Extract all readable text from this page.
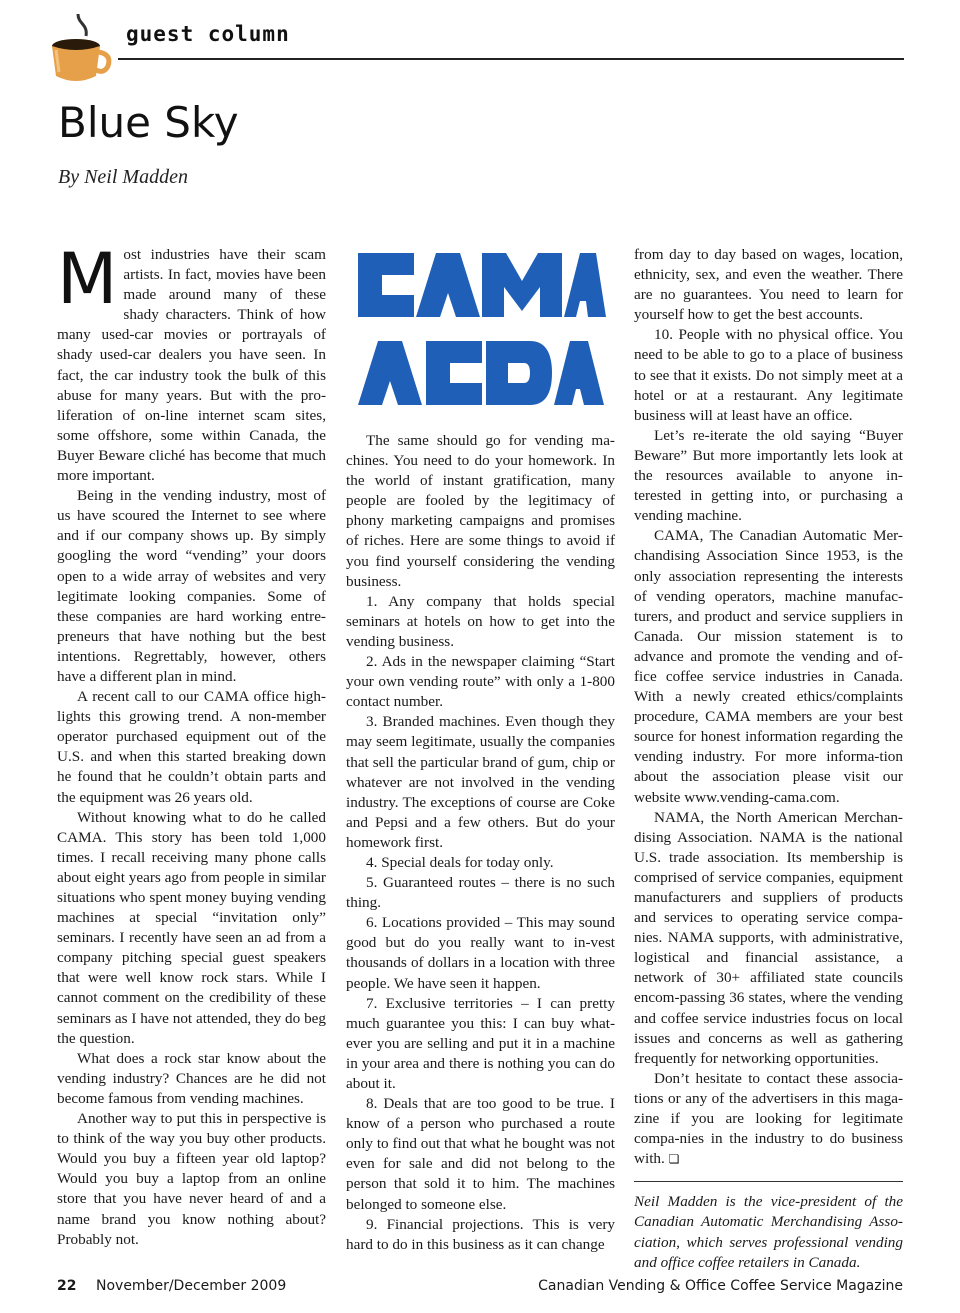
guest column
Blue Sky
By Neil Madden

Most industries have their scam artists. In fact, movies have been made around many of these shady characters. Think of how many used-car movies or portrayals of shady used-car dealers you have seen. In fact, the car industry took the bulk of this abuse for many years. But with the pro-liferation of on-line internet scam sites, some offshore, some within Canada, the Buyer Beware cliché has become that much more important.

Being in the vending industry, most of us have scoured the Internet to see where and if our company shows up. By simply googling the word “vending” your doors open to a wide array of websites and very legitimate looking companies. Some of these companies are hard working entre-preneurs that have nothing but the best intentions. Regrettably, however, others have a different plan in mind.

A recent call to our CAMA office high-lights this growing trend. A non-member operator purchased equipment out of the U.S. and when this started breaking down he found that he couldn’t obtain parts and the equipment was 26 years old.

Without knowing what to do he called CAMA. This story has been told 1,000 times. I recall receiving many phone calls about eight years ago from people in similar situations who spent money buying vending machines at special “invitation only” seminars. I recently have seen an ad from a company pitching special guest speakers that were well know rock stars. While I cannot comment on the credibility of these seminars as I have not attended, they do beg the question.

What does a rock star know about the vending industry? Chances are he did not become famous from vending machines.

Another way to put this in perspective is to think of the way you buy other products. Would you buy a fifteen year old laptop? Would you buy a laptop from an online store that you have never heard of and a name brand you know nothing about? Probably not.

The same should go for vending ma-chines. You need to do your homework. In the world of instant gratification, many people are fooled by the legitimacy of phony marketing campaigns and promises of riches. Here are some things to avoid if you find yourself considering the vending business.

1. Any company that holds special seminars at hotels on how to get into the vending business.

2. Ads in the newspaper claiming “Start your own vending route” with only a 1-800 contact number.

3. Branded machines. Even though they may seem legitimate, usually the companies that sell the particular brand of gum, chip or whatever are not involved in the vending industry. The exceptions of course are Coke and Pepsi and a few others. But do your homework first.

4. Special deals for today only.

5. Guaranteed routes – there is no such thing.

6. Locations provided – This may sound good but do you really want to in-vest thousands of dollars in a location with three people. We have seen it happen.

7. Exclusive territories – I can pretty much guarantee you this: I can buy what-ever you are selling and put it in a machine in your area and there is nothing you can do about it.

8. Deals that are too good to be true. I know of a person who purchased a route only to find out that what he bought was not even for sale and did not belong to the person that sold it to him. The machines belonged to someone else.

9. Financial projections. This is very hard to do in this business as it can change

from day to day based on wages, location, ethnicity, sex, and even the weather. There are no guarantees. You need to learn for yourself how to get the best accounts.

10. People with no physical office. You need to be able to go to a place of business to see that it exists. Do not simply meet at a hotel or at a restaurant. Any legitimate business will at least have an office.

Let’s re-iterate the old saying “Buyer Beware” But more importantly lets look at the resources available to anyone in-terested in getting into, or purchasing a vending machine.

CAMA, The Canadian Automatic Mer-chandising Association Since 1953, is the only association representing the interests of vending operators, machine manufac-turers, and product and service suppliers in Canada. Our mission statement is to advance and promote the vending and of-fice coffee service industries in Canada. With a newly created ethics/complaints procedure, CAMA members are your best source for honest information regarding the vending industry. For more informa-tion about the association please visit our website www.vending-cama.com.

NAMA, the North American Merchan-dising Association. NAMA is the national U.S. trade association. Its membership is comprised of service companies, equipment manufacturers and suppliers of products and services to operating service compa-nies. NAMA supports, with administrative, logistical and financial assistance, a network of 30+ affiliated state councils encom-passing 36 states, where the vending and coffee service industries focus on local issues and concerns as well as gathering frequently for networking opportunities.

Don’t hesitate to contact these associa-tions or any of the advertisers in this maga-zine if you are looking for legitimate compa-nies in the industry to do business with. ❏

Neil Madden is the vice-president of the Canadian Automatic Merchandising Asso-ciation, which serves professional vending and office coffee retailers in Canada.

22 November/December 2009	Canadian Vending & Office Coffee Service Magazine
